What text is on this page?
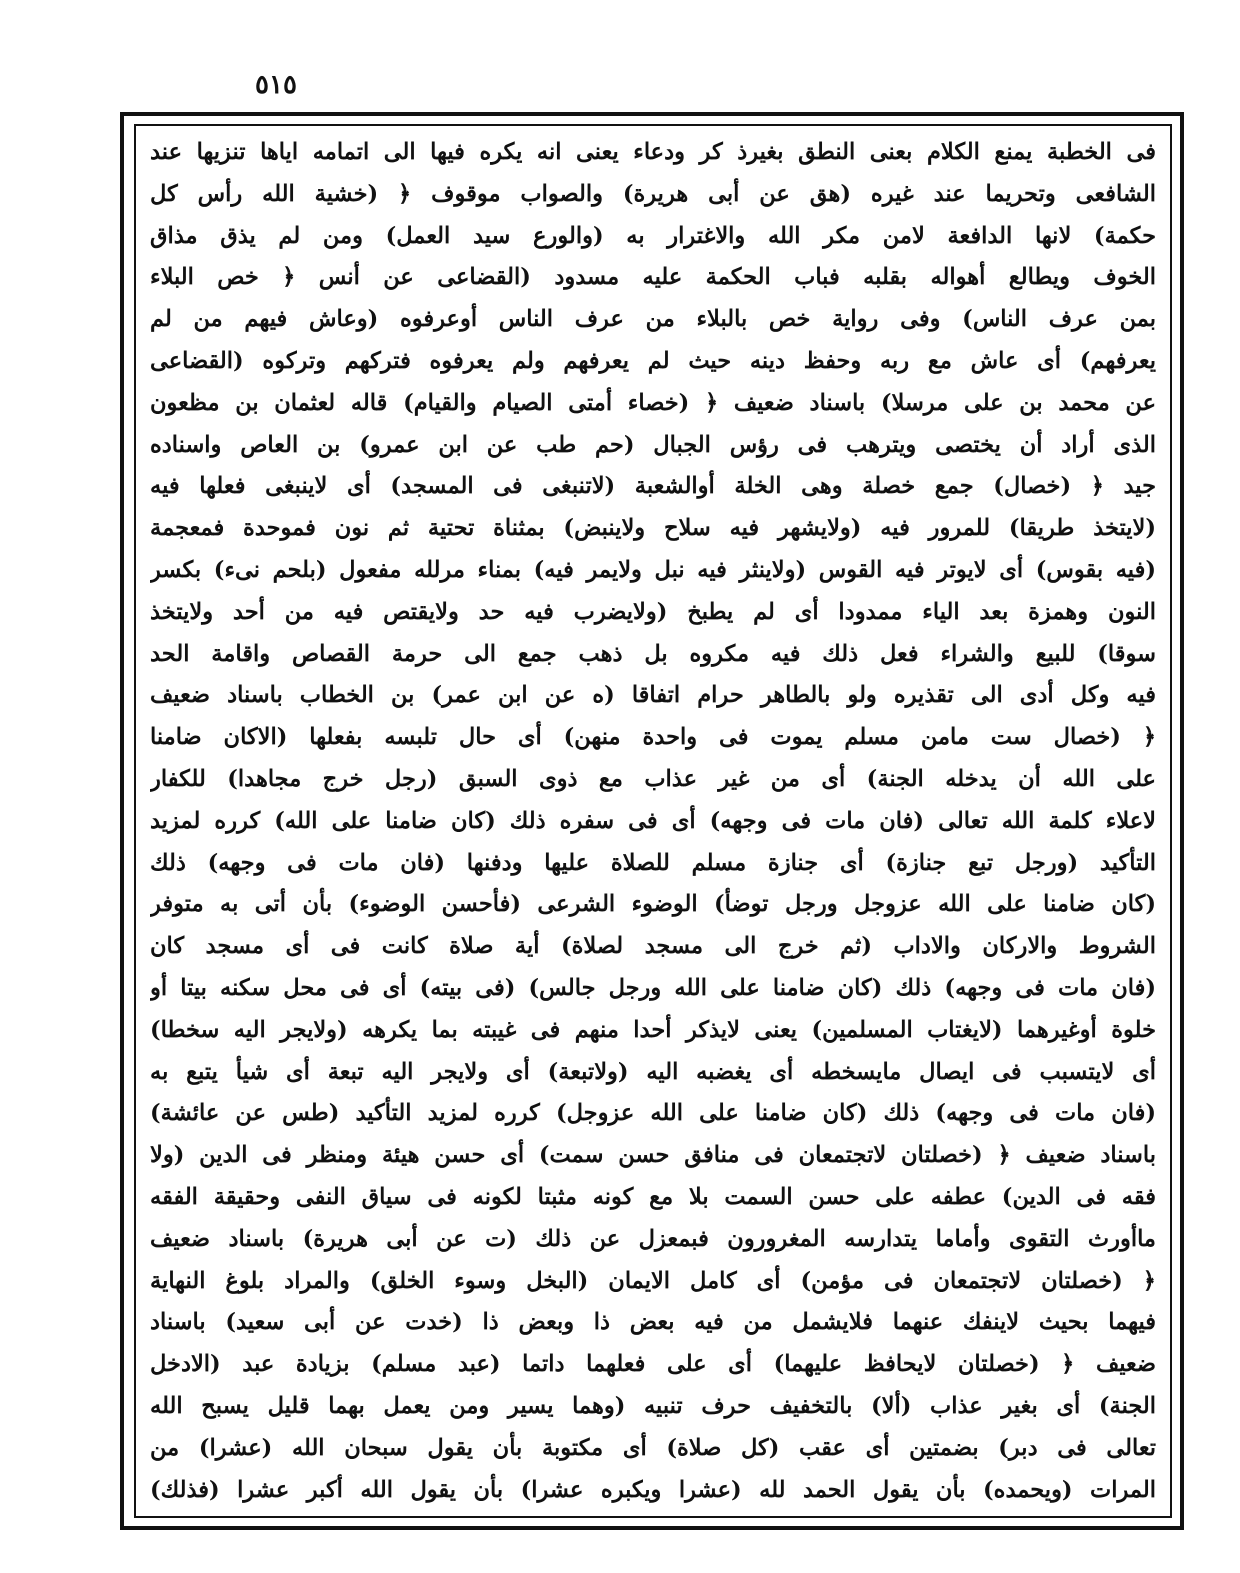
٥١٥
فى الخطبة يمنع الكلام بعنى النطق بغيرذ كر ودعاء يعنى انه يكره فيها الى اتمامه اياها تنزيها عند
الشافعى وتحريما عند غيره (هق عن أبى هريرة) والصواب موقوف ﴿ (خشية الله رأس كل
حكمة) لانها الدافعة لامن مكر الله والاغترار به (والورع سيد العمل) ومن لم يذق مذاق
الخوف ويطالع أهواله بقلبه فباب الحكمة عليه مسدود (القضاعى عن أنس ﴿ خص البلاء
بمن عرف الناس) وفى رواية خص بالبلاء من عرف الناس أوعرفوه (وعاش فيهم من لم
يعرفهم) أى عاش مع ربه وحفظ دينه حيث لم يعرفهم ولم يعرفوه فتركهم وتركوه (القضاعى
عن محمد بن على مرسلا) باسناد ضعيف ﴿ (خصاء أمتى الصيام والقيام) قاله لعثمان بن مظعون
الذى أراد أن يختصى ويترهب فى رؤس الجبال (حم طب عن ابن عمرو) بن العاص واسناده
جيد ﴿ (خصال) جمع خصلة وهى الخلة أوالشعبة (لاتنبغى فى المسجد) أى لاينبغى فعلها فيه
(لايتخذ طريقا) للمرور فيه (ولايشهر فيه سلاح ولاينبض) بمثناة تحتية ثم نون فموحدة فمعجمة
(فيه بقوس) أى لايوتر فيه القوس (ولاينثر فيه نبل ولايمر فيه) بمناء مرلله مفعول (بلحم نىء) بكسر
النون وهمزة بعد الياء ممدودا أى لم يطبخ (ولايضرب فيه حد ولايقتص فيه من أحد ولايتخذ
سوقا) للبيع والشراء فعل ذلك فيه مكروه بل ذهب جمع الى حرمة القصاص واقامة الحد
فيه وكل أدى الى تقذيره ولو بالطاهر حرام اتفاقا (ه عن ابن عمر) بن الخطاب باسناد ضعيف
﴿ (خصال ست مامن مسلم يموت فى واحدة منهن) أى حال تلبسه بفعلها (الاكان ضامنا
على الله أن يدخله الجنة) أى من غير عذاب مع ذوى السبق (رجل خرج مجاهدا) للكفار
لاعلاء كلمة الله تعالى (فان مات فى وجهه) أى فى سفره ذلك (كان ضامنا على الله) كرره لمزيد
التأكيد (ورجل تبع جنازة) أى جنازة مسلم للصلاة عليها ودفنها (فان مات فى وجهه) ذلك
(كان ضامنا على الله عزوجل ورجل توضأ) الوضوء الشرعى (فأحسن الوضوء) بأن أتى به متوفر
الشروط والاركان والاداب (ثم خرج الى مسجد لصلاة) أية صلاة كانت فى أى مسجد كان
(فان مات فى وجهه) ذلك (كان ضامنا على الله ورجل جالس) (فى بيته) أى فى محل سكنه بيتا أو
خلوة أوغيرهما (لايغتاب المسلمين) يعنى لايذكر أحدا منهم فى غيبته بما يكرهه (ولايجر اليه سخطا)
أى لايتسبب فى ايصال مايسخطه أى يغضبه اليه (ولاتبعة) أى ولايجر اليه تبعة أى شيأ يتبع به
(فان مات فى وجهه) ذلك (كان ضامنا على الله عزوجل) كرره لمزيد التأكيد (طس عن عائشة)
باسناد ضعيف ﴿ (خصلتان لاتجتمعان فى منافق حسن سمت) أى حسن هيئة ومنظر فى الدين (ولا
فقه فى الدين) عطفه على حسن السمت بلا مع كونه مثبتا لكونه فى سياق النفى وحقيقة الفقه
ماأورث التقوى وأماما يتدارسه المغرورون فبمعزل عن ذلك (ت عن أبى هريرة) باسناد ضعيف
﴿ (خصلتان لاتجتمعان فى مؤمن) أى كامل الايمان (البخل وسوء الخلق) والمراد بلوغ النهاية
فيهما بحيث لاينفك عنهما فلايشمل من فيه بعض ذا وبعض ذا (خدت عن أبى سعيد) باسناد
ضعيف ﴿ (خصلتان لايحافظ عليهما) أى على فعلهما داتما (عبد مسلم) بزيادة عبد (الادخل
الجنة) أى بغير عذاب (ألا) بالتخفيف حرف تنبيه (وهما يسير ومن يعمل بهما قليل يسبح الله
تعالى فى دبر) بضمتين أى عقب (كل صلاة) أى مكتوبة بأن يقول سبحان الله (عشرا) من
المرات (ويحمده) بأن يقول الحمد لله (عشرا ويكبره عشرا) بأن يقول الله أكبر عشرا (فذلك)
